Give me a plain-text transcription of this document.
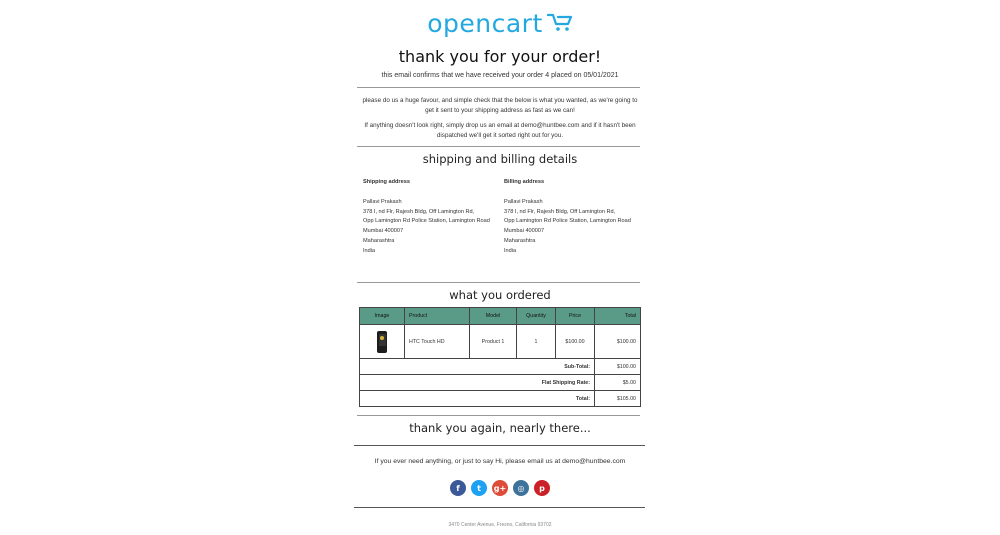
opencart
thank you for your order!
this email confirms that we have received your order 4 placed on 05/01/2021
please do us a huge favour, and simple check that the below is what you wanted, as we're going to get it sent to your shipping address as fast as we can!
If anything doesn't look right, simply drop us an email at demo@huntbee.com and if it hasn't been dispatched we'll get it sorted right out for you.
shipping and billing details
Shipping address
Pallavi Prakash
378 I, nd Flr, Rajesh Bldg, Off Lamington Rd,
Opp Lamington Rd Police Station, Lamington Road
Mumbai 400007
Maharashtra
India
Billing address
Pallavi Prakash
378 I, nd Flr, Rajesh Bldg, Off Lamington Rd,
Opp Lamington Rd Police Station, Lamington Road
Mumbai 400007
Maharashtra
India
what you ordered
Image	Product	Model	Quantity	Price	Total

	HTC Touch HD	Product 1	1	$100.00	$100.00
Sub-Total:					$100.00
Flat Shipping Rate:					$5.00
Total:					$105.00
thank you again, nearly there...
If you ever need anything, or just to say Hi, please email us at demo@huntbee.com
f	t	g+	◎	p
3470 Center Avenue, Fresno, California 93702
